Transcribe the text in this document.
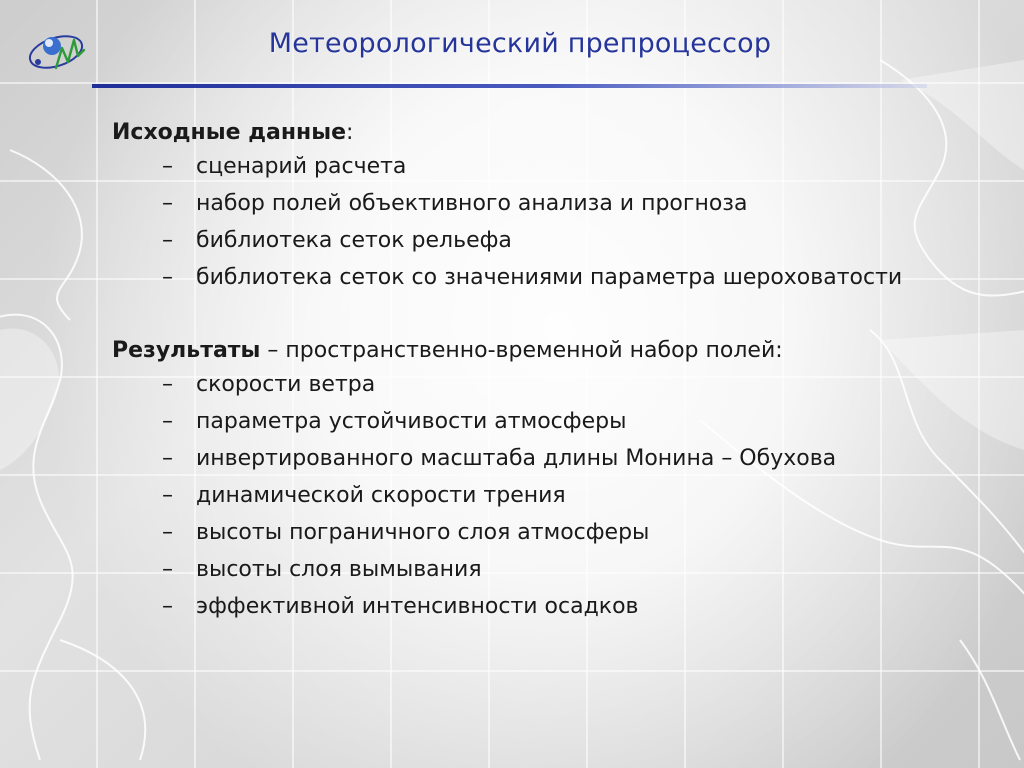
Метеорологический препроцессор
Исходные данные:
– сценарий расчета
– набор полей объективного анализа и прогноза
– библиотека сеток рельефа
– библиотека сеток со значениями параметра шероховатости
Результаты – пространственно-временной набор полей:
– скорости ветра
– параметра устойчивости атмосферы
– инвертированного масштаба длины Монина – Обухова
– динамической скорости трения
– высоты пограничного слоя атмосферы
– высоты слоя вымывания
– эффективной интенсивности осадков
